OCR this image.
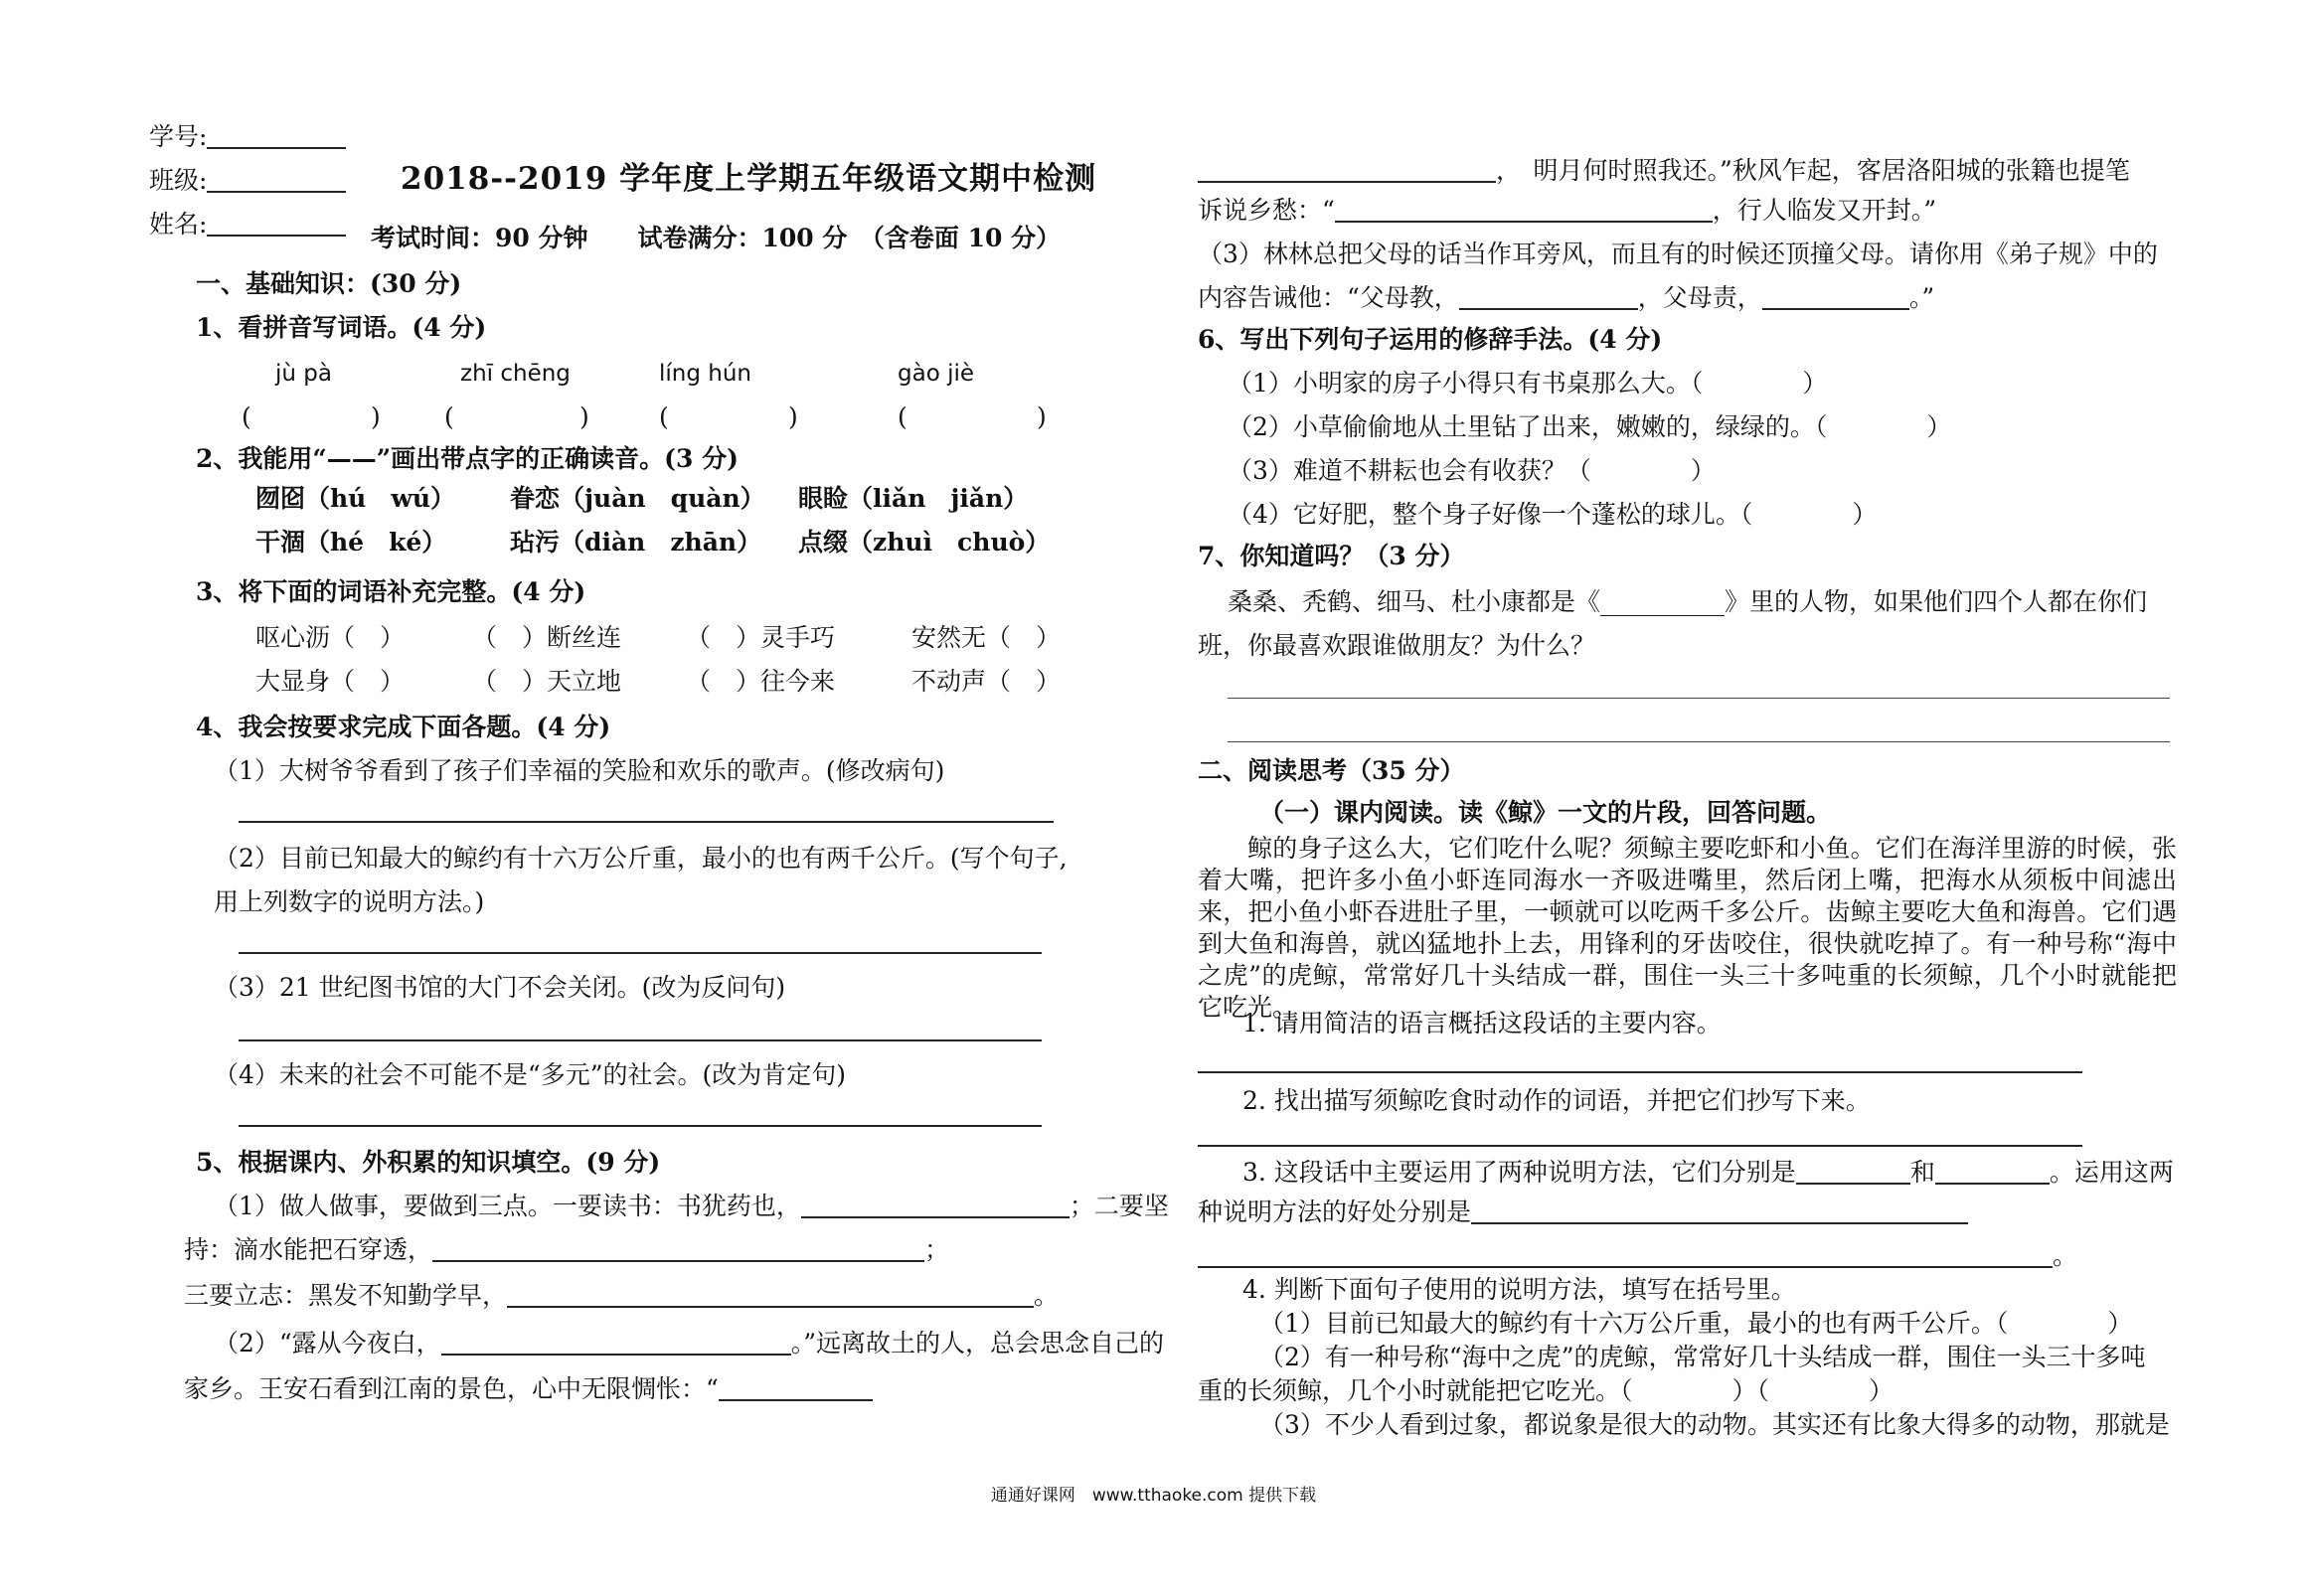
学号:
班级:
姓名:
2018--2019 学年度上学期五年级语文期中检测
考试时间：90 分钟　　试卷满分：100 分　（含卷面 10 分）
一、基础知识：(30 分)
1、看拼音写词语。(4 分)
jù pà	zhī chēng	líng hún	gào jiè
(	)	(	)	(	)	(	)
2、我能用“——”画出带点字的正确读音。(3 分)
囫囵（hú　wú） 眷恋（juàn　quàn） 眼睑（liǎn　jiǎn）
干涸（hé　ké）	玷污（diàn　zhān） 点缀（zhuì　chuò）
3、将下面的词语补充完整。(4 分)
呕心沥（　）	（　）断丝连	（　）灵手巧	安然无（　）
大显身（　）	（　）天立地	（　）往今来	不动声（　）
4、我会按要求完成下面各题。(4 分)
（1）大树爷爷看到了孩子们幸福的笑脸和欢乐的歌声。(修改病句)
（2）目前已知最大的鲸约有十六万公斤重，最小的也有两千公斤。(写个句子,
用上列数字的说明方法。)
（3）21 世纪图书馆的大门不会关闭。(改为反问句)
（4）未来的社会不可能不是“多元”的社会。(改为肯定句)
5、根据课内、外积累的知识填空。(9 分)
（1）做人做事，要做到三点。一要读书：书犹药也，	；二要坚
持：滴水能把石穿透，	；
三要立志：黑发不知勤学早，	。
（2）“露从今夜白，	。”远离故土的人，总会思念自己的
家乡。王安石看到江南的景色，心中无限惆怅：“
，　明月何时照我还。”秋风乍起，客居洛阳城的张籍也提笔
诉说乡愁：“	，行人临发又开封。”
（3）林林总把父母的话当作耳旁风，而且有的时候还顶撞父母。请你用《弟子规》中的
内容告诫他：“父母教，	，父母责，	。”
6、写出下列句子运用的修辞手法。(4 分)
（1）小明家的房子小得只有书桌那么大。（　　　　）
（2）小草偷偷地从土里钻了出来，嫩嫩的，绿绿的。（　　　　）
（3）难道不耕耘也会有收获？（　　　　）
（4）它好肥，整个身子好像一个蓬松的球儿。（　　　　）
7、你知道吗？（3 分）
桑桑、秃鹤、细马、杜小康都是《__________》里的人物，如果他们四个人都在你们
班，你最喜欢跟谁做朋友？为什么？
二、阅读思考（35 分）
（一）课内阅读。读《鲸》一文的片段，回答问题。
鲸的身子这么大，它们吃什么呢？须鲸主要吃虾和小鱼。它们在海洋里游的时候，张着大嘴，把许多小鱼小虾连同海水一齐吸进嘴里，然后闭上嘴，把海水从须板中间滤出来，把小鱼小虾吞进肚子里，一顿就可以吃两千多公斤。齿鲸主要吃大鱼和海兽。它们遇到大鱼和海兽，就凶猛地扑上去，用锋利的牙齿咬住，很快就吃掉了。有一种号称“海中之虎”的虎鲸，常常好几十头结成一群，围住一头三十多吨重的长须鲸，几个小时就能把它吃光。
1. 请用简洁的语言概括这段话的主要内容。
2. 找出描写须鲸吃食时动作的词语，并把它们抄写下来。
3. 这段话中主要运用了两种说明方法，它们分别是	和	。运用这两
种说明方法的好处分别是
。
4. 判断下面句子使用的说明方法，填写在括号里。
（1）目前已知最大的鲸约有十六万公斤重，最小的也有两千公斤。（　　　　）
（2）有一种号称“海中之虎”的虎鲸，常常好几十头结成一群，围住一头三十多吨
重的长须鲸，几个小时就能把它吃光。（　　　　）（　　　　）
（3）不少人看到过象，都说象是很大的动物。其实还有比象大得多的动物，那就是
通通好课网　www.tthaoke.com 提供下载
